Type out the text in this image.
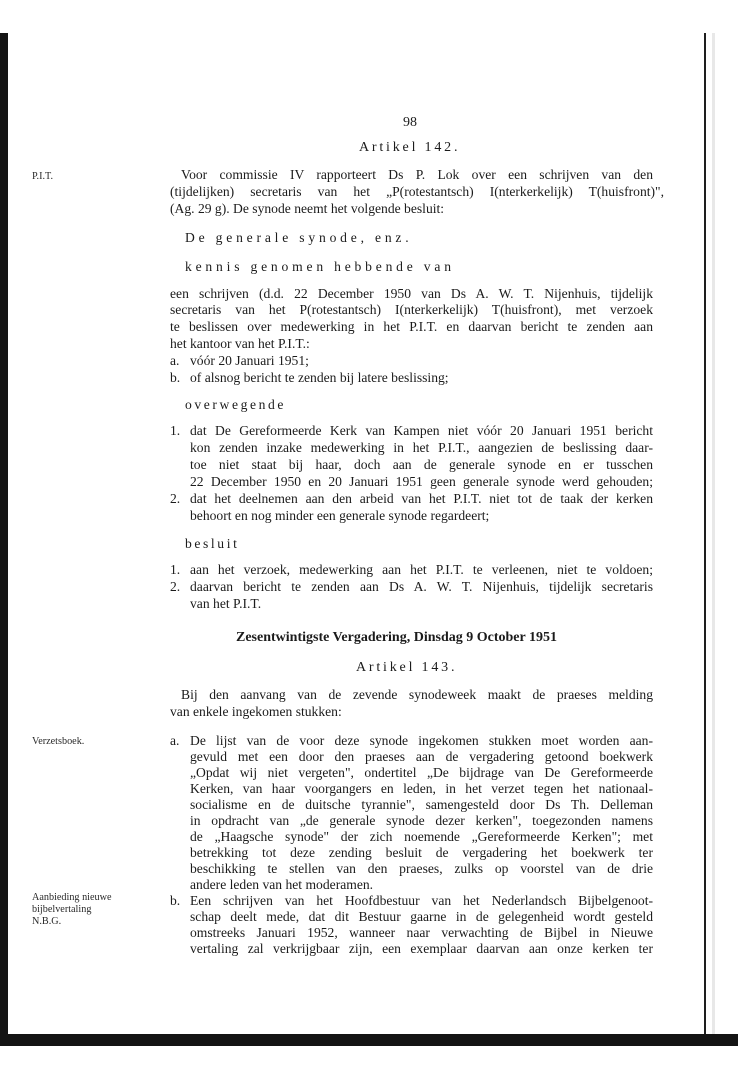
98
Artikel 142.
P.I.T.	Voor commissie IV rapporteert Ds P. Lok over een schrijven van den
(tijdelijken) secretaris van het „P(rotestantsch) I(nterkerkelijk) T(huisfront)",
(Ag. 29 g). De synode neemt het volgende besluit:
De generale synode, enz.
kennis genomen hebbende van
een schrijven (d.d. 22 December 1950 van Ds A. W. T. Nijenhuis, tijdelijk
secretaris van het P(rotestantsch) I(nterkerkelijk) T(huisfront), met verzoek
te beslissen over medewerking in het P.I.T. en daarvan bericht te zenden aan
het kantoor van het P.I.T.:
a. vóór 20 Januari 1951;
b. of alsnog bericht te zenden bij latere beslissing;
overwegende
1. dat De Gereformeerde Kerk van Kampen niet vóór 20 Januari 1951 bericht
kon zenden inzake medewerking in het P.I.T., aangezien de beslissing daar-
toe niet staat bij haar, doch aan de generale synode en er tusschen
22 December 1950 en 20 Januari 1951 geen generale synode werd gehouden;
2. dat het deelnemen aan den arbeid van het P.I.T. niet tot de taak der kerken
behoort en nog minder een generale synode regardeert;
besluit
1. aan het verzoek, medewerking aan het P.I.T. te verleenen, niet te voldoen;
2. daarvan bericht te zenden aan Ds A. W. T. Nijenhuis, tijdelijk secretaris
van het P.I.T.
Zesentwintigste Vergadering, Dinsdag 9 October 1951
Artikel 143.
Bij den aanvang van de zevende synodeweek maakt de praeses melding
van enkele ingekomen stukken:
Verzetsboek.	a. De lijst van de voor deze synode ingekomen stukken moet worden aan-
gevuld met een door den praeses aan de vergadering getoond boekwerk
„Opdat wij niet vergeten", ondertitel „De bijdrage van De Gereformeerde
Kerken, van haar voorgangers en leden, in het verzet tegen het nationaal-
socialisme en de duitsche tyrannie", samengesteld door Ds Th. Delleman
in opdracht van „de generale synode dezer kerken", toegezonden namens
de „Haagsche synode" der zich noemende „Gereformeerde Kerken"; met
betrekking tot deze zending besluit de vergadering het boekwerk ter
beschikking te stellen van den praeses, zulks op voorstel van de drie
andere leden van het moderamen.
Aanbieding nieuwe
bijbelvertaling
N.B.G.
b. Een schrijven van het Hoofdbestuur van het Nederlandsch Bijbelgenoot-
schap deelt mede, dat dit Bestuur gaarne in de gelegenheid wordt gesteld
omstreeks Januari 1952, wanneer naar verwachting de Bijbel in Nieuwe
vertaling zal verkrijgbaar zijn, een exemplaar daarvan aan onze kerken ter
